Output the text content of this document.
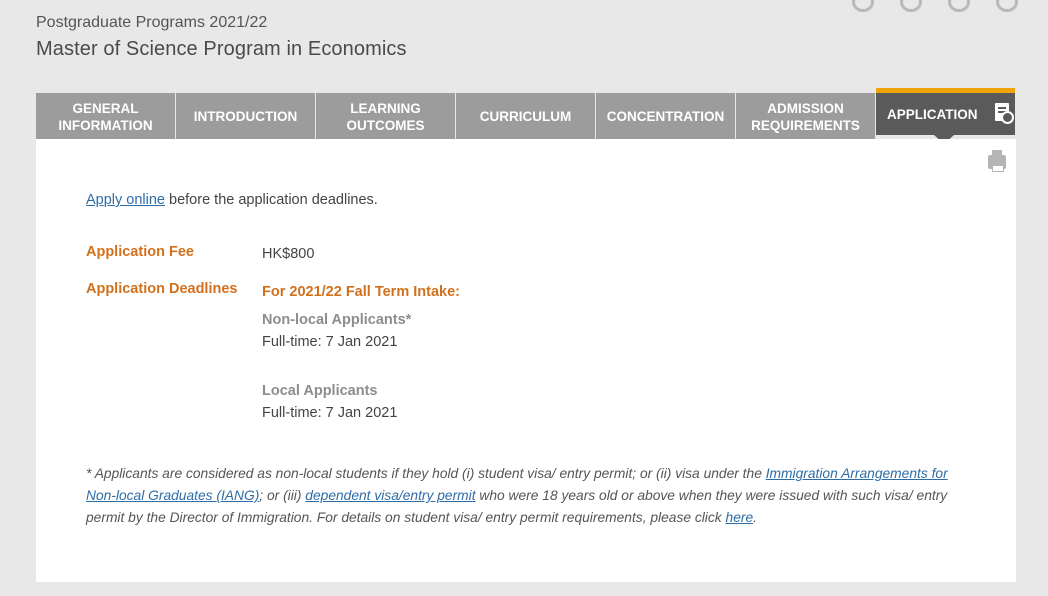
Postgraduate Programs 2021/22

Master of Science Program in Economics
GENERAL
INFORMATION
INTRODUCTION
LEARNING
OUTCOMES
CURRICULUM	CONCENTRATION
ADMISSION
REQUIREMENTS
APPLICATION
Apply online before the application deadlines.
Application Fee	HK$800
Application Deadlines For 2021/22 Fall Term Intake:
Non-local Applicants*
Full-time: 7 Jan 2021
Local Applicants
Full-time: 7 Jan 2021
* Applicants are considered as non-local students if they hold (i) student visa/ entry permit; or (ii) visa under the Immigration Arrangements for Non-local Graduates (IANG); or (iii) dependent visa/entry permit who were 18 years old or above when they were issued with such visa/ entry permit by the Director of Immigration. For details on student visa/ entry permit requirements, please click here.
